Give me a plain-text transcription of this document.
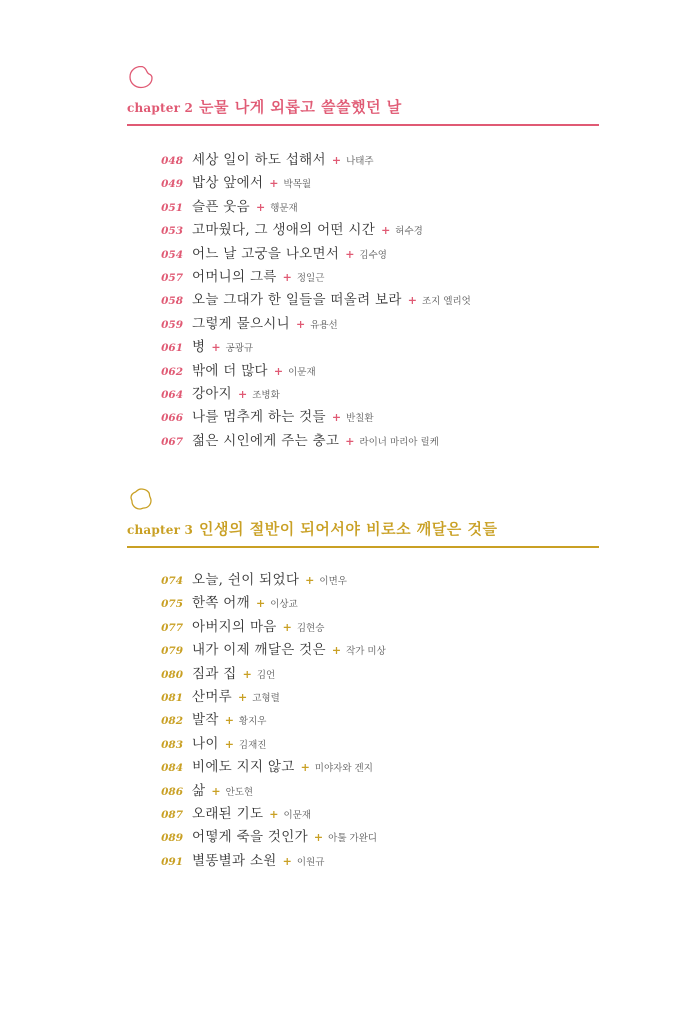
chapter 2 눈물 나게 외롭고 쓸쓸했던 날
048 세상 일이 하도 섭해서 + 나태주
049 밥상 앞에서 + 박목월
051 슬픈 웃음 + 행문재
053 고마웠다, 그 생애의 어떤 시간 + 허수경
054 어느 날 고궁을 나오면서 + 김수영
057 어머니의 그륵 + 정일근
058 오늘 그대가 한 일들을 떠올려 보라 + 조지 엘리엇
059 그렇게 물으시니 + 유용선
061 병 + 공광규
062 밖에 더 많다 + 이문재
064 강아지 + 조병화
066 나를 멈추게 하는 것들 + 반칠환
067 젊은 시인에게 주는 충고 + 라이너 마리아 릴케
chapter 3 인생의 절반이 되어서야 비로소 깨달은 것들
074 오늘, 쉰이 되었다 + 이면우
075 한쪽 어깨 + 이상교
077 아버지의 마음 + 김현승
079 내가 이제 깨달은 것은 + 작가 미상
080 짐과 집 + 김언
081 산머루 + 고형렬
082 발작 + 황지우
083 나이 + 김재진
084 비에도 지지 않고 + 미야자와 겐지
086 삶 + 안도현
087 오래된 기도 + 이문재
089 어떻게 죽을 것인가 + 아툴 가완디
091 별똥별과 소원 + 이원규
